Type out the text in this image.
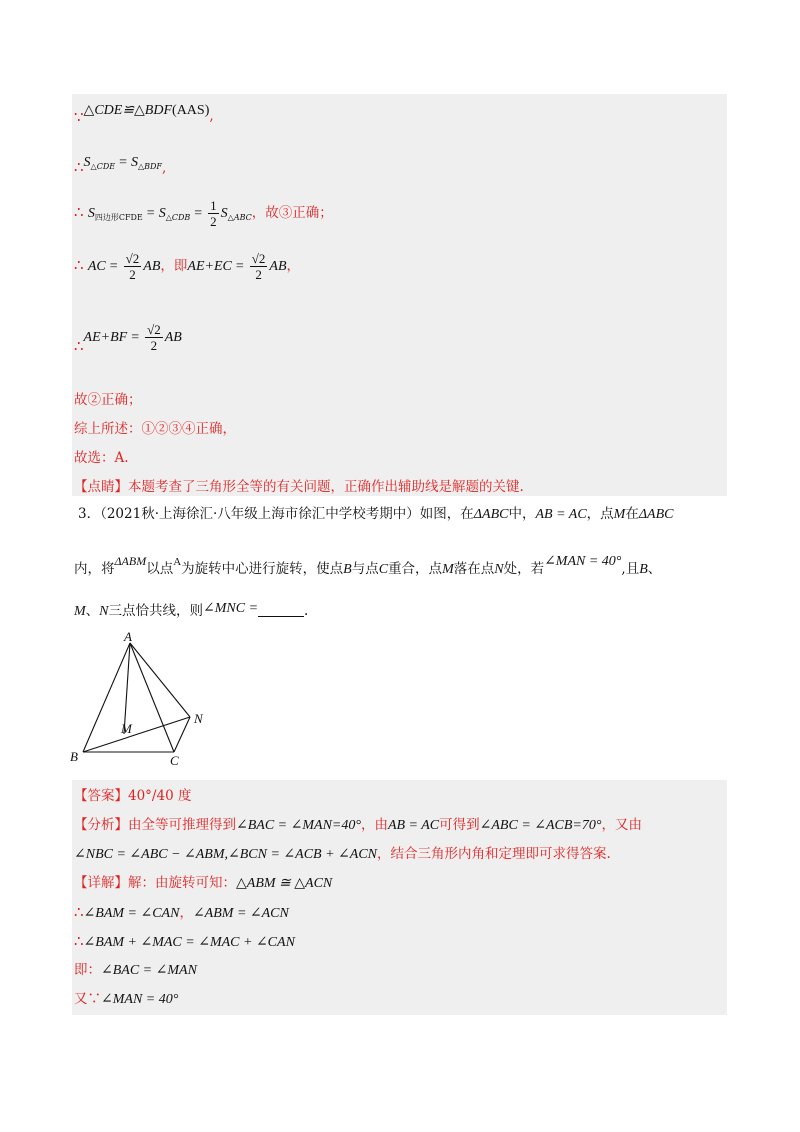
∵△CDE≌△BDF(AAS),
$\therefore S_{\triangle CDE} = S_{\triangle BDF}$,
∴ $S_{四边形CFDE} = S_{\triangle CDB} = \frac{1}{2} S_{\triangle ABC}$，故③正确；
∴ AC = $\frac{√2}{2}$ AB，即$AE+EC = \frac{√2}{2}$ AB，
∴AE+BF = $\frac{√2}{2}$ AB
故②正确；
综上所述：①②③④正确，
故选：A.
【点睛】本题考查了三角形全等的有关问题，正确作出辅助线是解题的关键.
3．（2021秋·上海徐汇·八年级上海市徐汇中学校考期中）如图，在ΔABC中，AB = AC，点M在ΔABC
内，将ΔABM以点$^A$为旋转中心进行旋转，使点B与点C重合，点M落在点N处，若∠MAN = 40°,且B、
M、N三点恰共线，则∠MNC =	.
A
B	C
M
N
【答案】40°/40 度
【分析】由全等可推理得到∠BAC = ∠MAN=40°，由AB = AC可得到∠ABC = ∠ACB=70°，又由
∠NBC = ∠ABC − ∠ABM,∠BCN = ∠ACB + ∠ACN，结合三角形内角和定理即可求得答案.
【详解】解：由旋转可知：△ABM ≅ △ACN
∴∠BAM = ∠CAN，∠ABM = ∠ACN
∴∠BAM + ∠MAC = ∠MAC + ∠CAN
即：∠BAC = ∠MAN
又∵∠MAN = 40°
